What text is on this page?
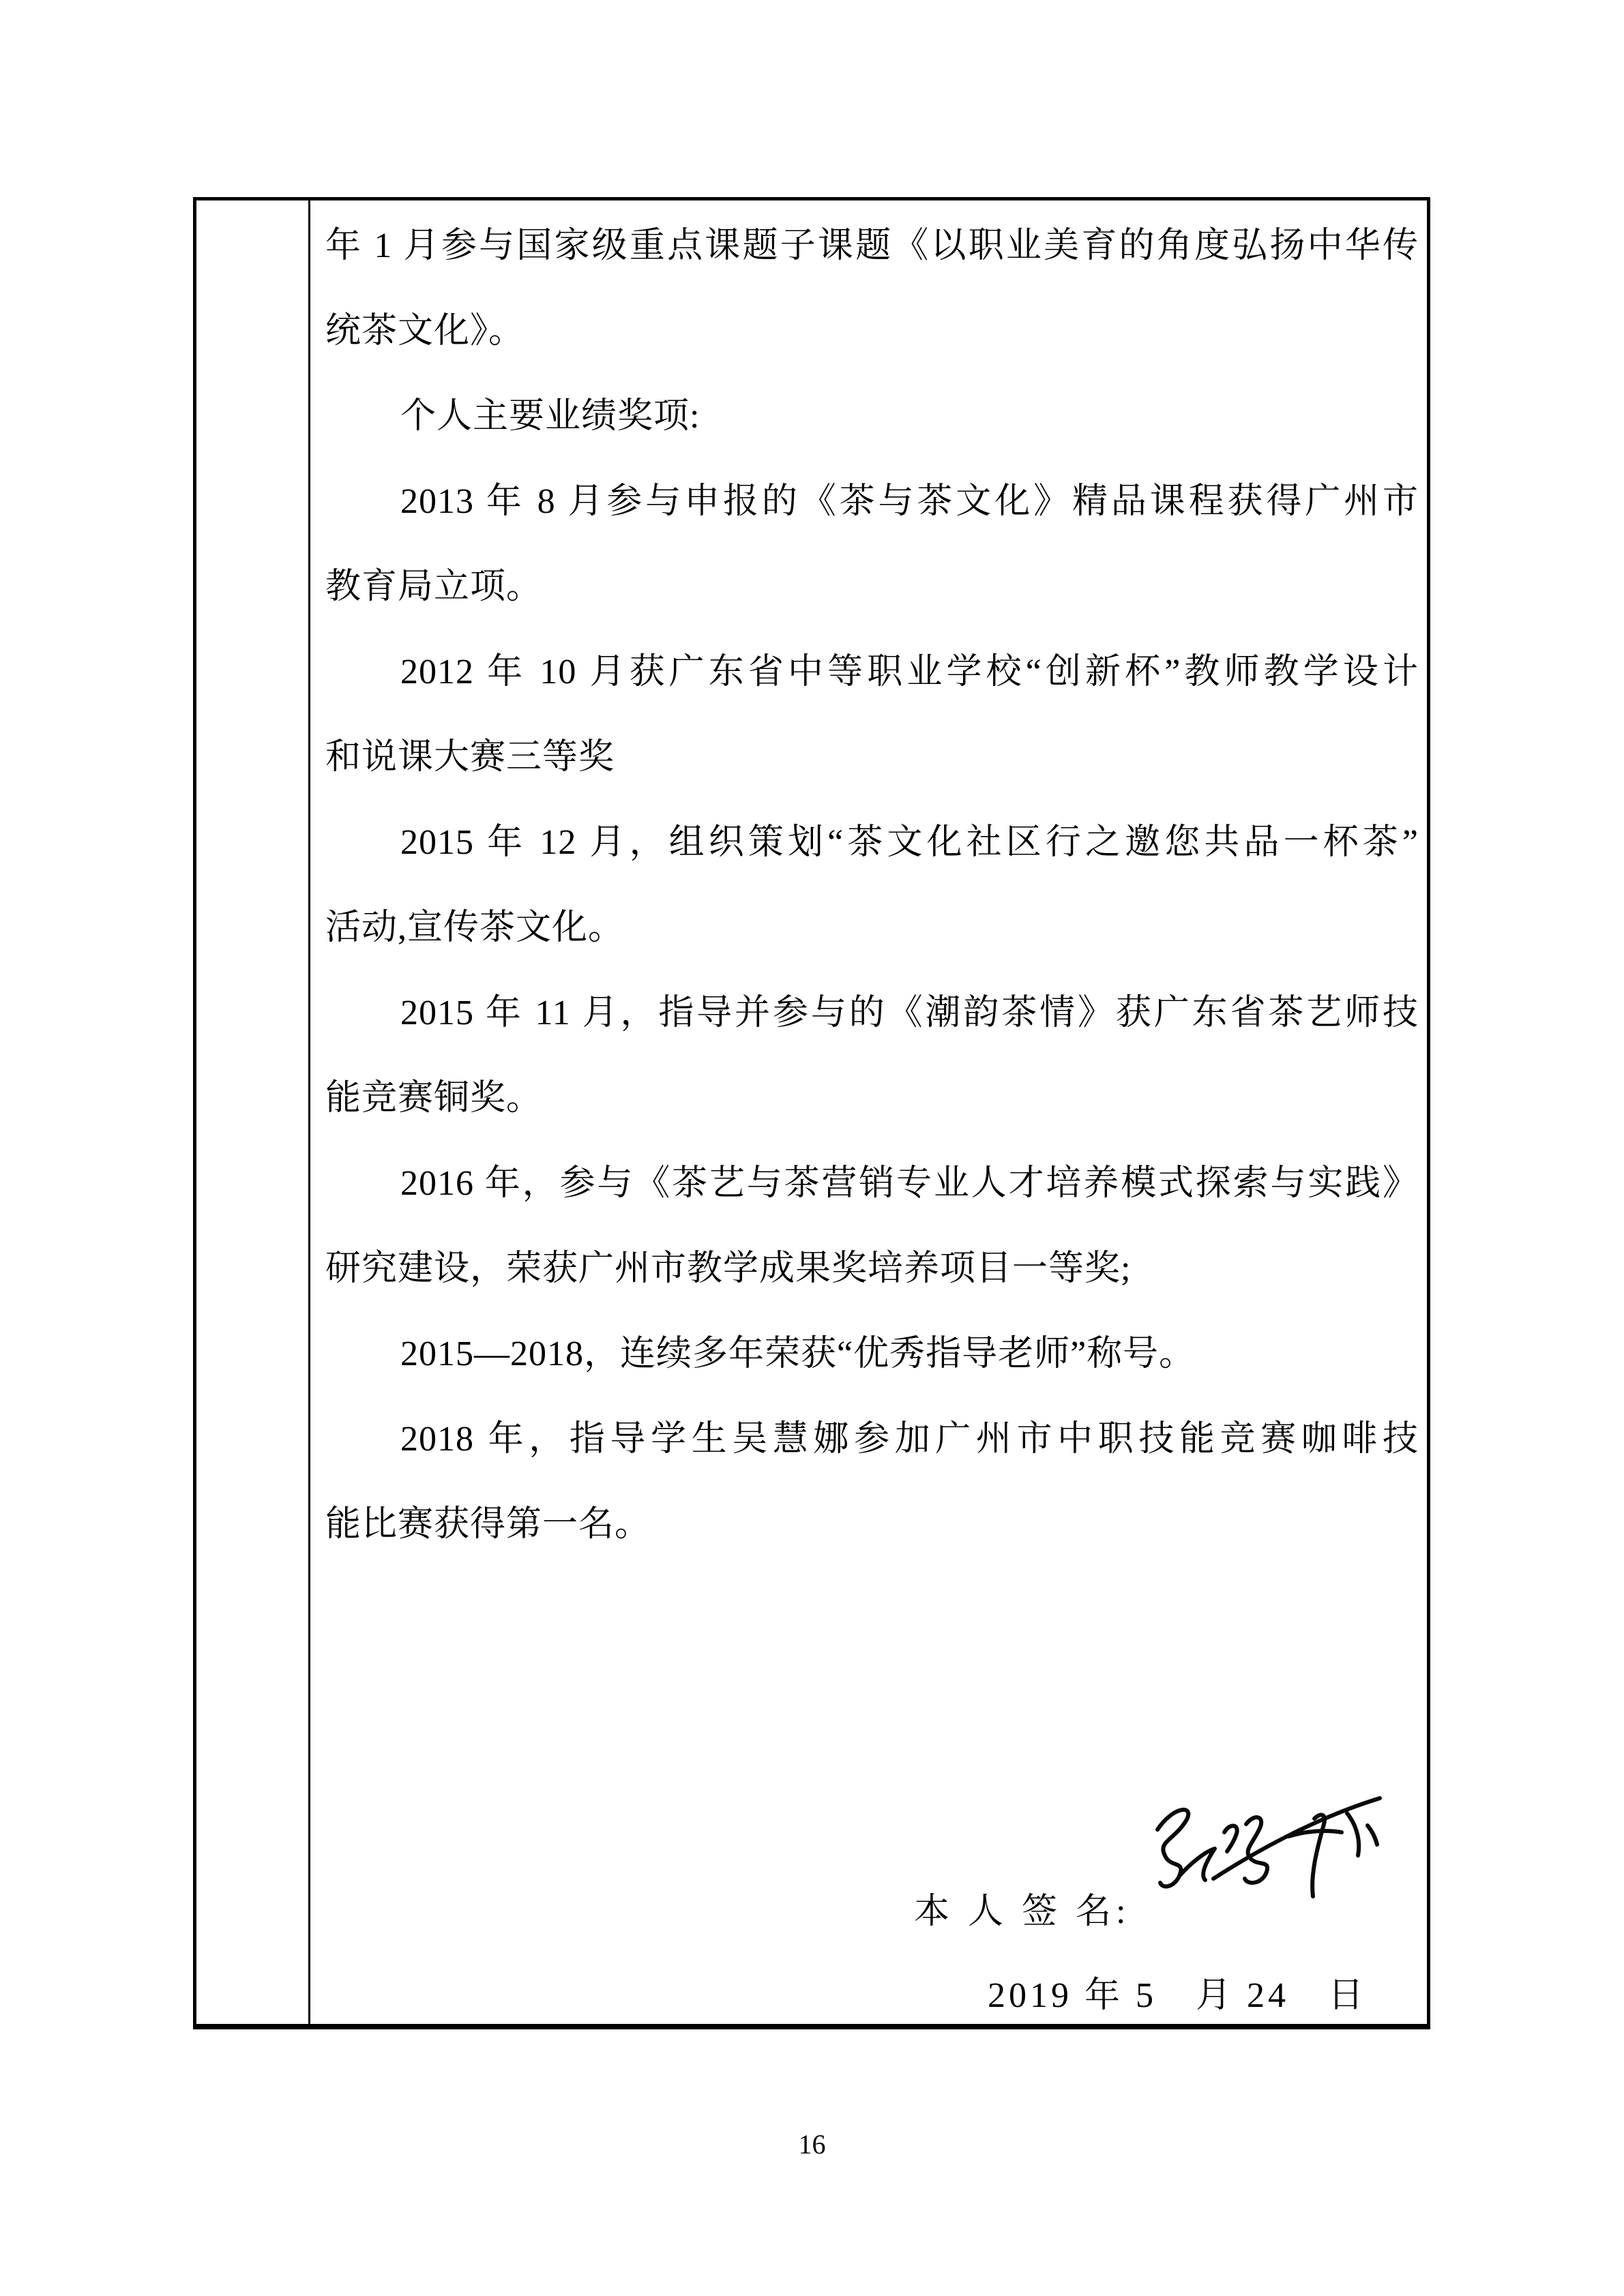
年 1 月参与国家级重点课题子课题《以职业美育的角度弘扬中华传
统茶文化》。
个人主要业绩奖项:
2013 年 8 月参与申报的《茶与茶文化》精品课程获得广州市
教育局立项。
2012 年 10 月获广东省中等职业学校“创新杯”教师教学设计
和说课大赛三等奖
2015 年 12 月，组织策划“茶文化社区行之邀您共品一杯茶”
活动,宣传茶文化。
2015 年 11 月，指导并参与的《潮韵茶情》获广东省茶艺师技
能竞赛铜奖。
2016 年，参与《茶艺与茶营销专业人才培养模式探索与实践》
研究建设，荣获广州市教学成果奖培养项目一等奖;
2015—2018，连续多年荣获“优秀指导老师”称号。
2018 年，指导学生吴慧娜参加广州市中职技能竞赛咖啡技
能比赛获得第一名。
本 人 签 名:
2019 年 5　月 24　日
16
